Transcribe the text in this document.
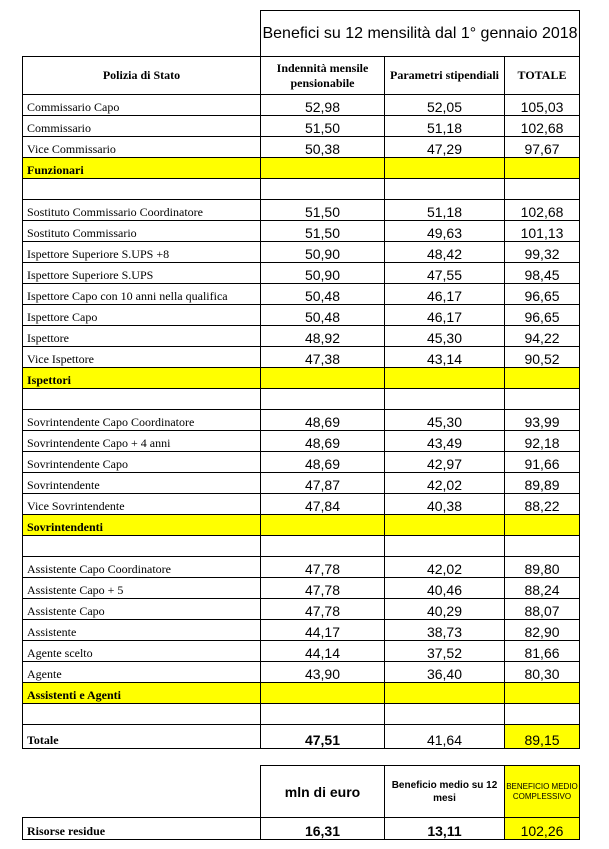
	Benefici su 12 mensilità dal 1° gennaio 2018		
Polizia di Stato	Indennità mensile pensionabile	Parametri stipendiali	TOTALE
Commissario Capo	52,98	52,05	105,03
Commissario	51,50	51,18	102,68
Vice Commissario	50,38	47,29	97,67
Funzionari			

Sostituto Commissario Coordinatore	51,50	51,18	102,68
Sostituto Commissario	51,50	49,63	101,13
Ispettore Superiore S.UPS +8	50,90	48,42	99,32
Ispettore Superiore S.UPS	50,90	47,55	98,45
Ispettore Capo con 10 anni nella qualifica	50,48	46,17	96,65
Ispettore Capo	50,48	46,17	96,65
Ispettore	48,92	45,30	94,22
Vice Ispettore	47,38	43,14	90,52
Ispettori			

Sovrintendente Capo Coordinatore	48,69	45,30	93,99
Sovrintendente Capo + 4 anni	48,69	43,49	92,18
Sovrintendente Capo	48,69	42,97	91,66
Sovrintendente	47,87	42,02	89,89
Vice Sovrintendente	47,84	40,38	88,22
Sovrintendenti			

Assistente Capo Coordinatore	47,78	42,02	89,80
Assistente Capo + 5	47,78	40,46	88,24
Assistente Capo	47,78	40,29	88,07
Assistente	44,17	38,73	82,90
Agente scelto	44,14	37,52	81,66
Agente	43,90	36,40	80,30
Assistenti e Agenti			

Totale	47,51	41,64	89,15
	mln di euro	Beneficio medio su 12 mesi	BENEFICIO MEDIO COMPLESSIVO
Risorse residue	16,31	13,11	102,26
